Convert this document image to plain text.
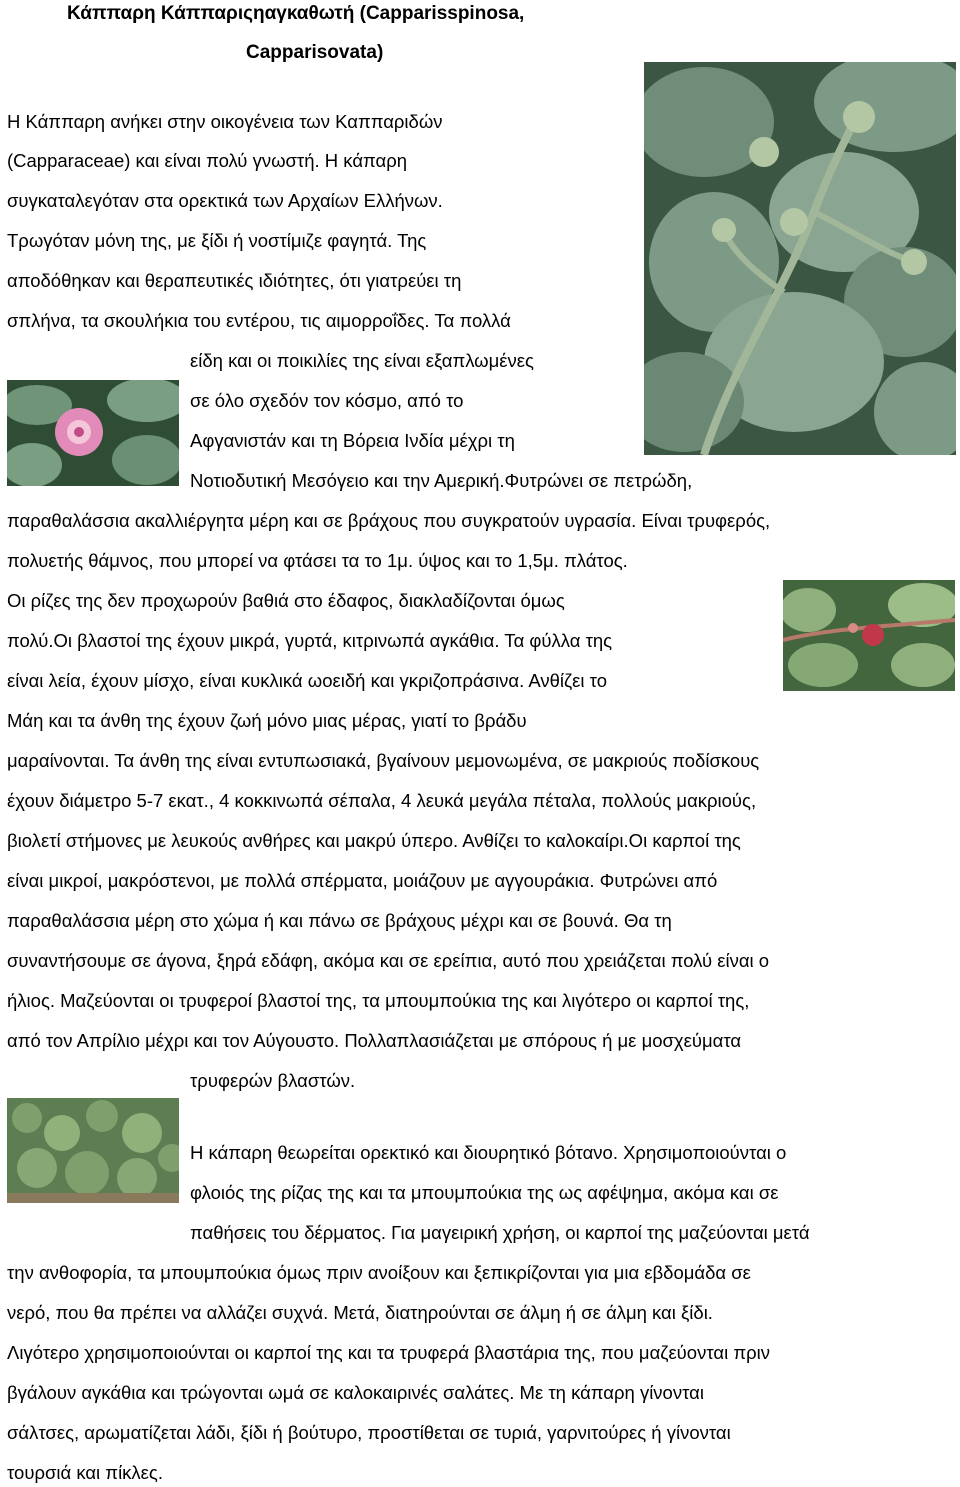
Κάππαρη Κάππαριςηαγκαθωτή (Capparisspinosa,
Capparisovata)
Η Κάππαρη ανήκει στην οικογένεια των Καππαριδών
(Capparaceae) και είναι πολύ γνωστή. Η κάπαρη
συγκαταλεγόταν στα ορεκτικά των Αρχαίων Ελλήνων.
Τρωγόταν μόνη της, με ξίδι ή νοστίμιζε φαγητά. Της
αποδόθηκαν και θεραπευτικές ιδιότητες, ότι γιατρεύει τη
σπλήνα, τα σκουλήκια του εντέρου, τις αιμορροΐδες. Τα πολλά
είδη και οι ποικιλίες της είναι εξαπλωμένες
σε όλο σχεδόν τον κόσμο, από το
Αφγανιστάν και τη Βόρεια Ινδία μέχρι τη
Νοτιοδυτική Μεσόγειο και την Αμερική.Φυτρώνει σε πετρώδη,
παραθαλάσσια ακαλλιέργητα μέρη και σε βράχους που συγκρατούν υγρασία. Είναι τρυφερός,
πολυετής θάμνος, που μπορεί να φτάσει τα το 1μ. ύψος και το 1,5μ. πλάτος.
Οι ρίζες της δεν προχωρούν βαθιά στο έδαφος, διακλαδίζονται όμως
πολύ.Οι βλαστοί της έχουν μικρά, γυρτά, κιτρινωπά αγκάθια. Τα φύλλα της
είναι λεία, έχουν μίσχο, είναι κυκλικά ωοειδή και γκριζοπράσινα. Ανθίζει το
Μάη και τα άνθη της έχουν ζωή μόνο μιας μέρας, γιατί το βράδυ
μαραίνονται. Τα άνθη της είναι εντυπωσιακά, βγαίνουν μεμονωμένα, σε μακριούς ποδίσκους
έχουν διάμετρο 5-7 εκατ., 4 κοκκινωπά σέπαλα, 4 λευκά μεγάλα πέταλα, πολλούς μακριούς,
βιολετί στήμονες με λευκούς ανθήρες και μακρύ ύπερο. Ανθίζει το καλοκαίρι.Οι καρποί της
είναι μικροί, μακρόστενοι, με πολλά σπέρματα, μοιάζουν με αγγουράκια. Φυτρώνει από
παραθαλάσσια μέρη στο χώμα ή και πάνω σε βράχους μέχρι και σε βουνά. Θα τη
συναντήσουμε σε άγονα, ξηρά εδάφη, ακόμα και σε ερείπια, αυτό που χρειάζεται πολύ είναι ο
ήλιος. Μαζεύονται οι τρυφεροί βλαστοί της, τα μπουμπούκια της και λιγότερο οι καρποί της,
από τον Απρίλιο μέχρι και τον Αύγουστο. Πολλαπλασιάζεται με σπόρους ή με μοσχεύματα
τρυφερών βλαστών.
Η κάπαρη θεωρείται ορεκτικό και διουρητικό βότανο. Χρησιμοποιούνται ο
φλοιός της ρίζας της και τα μπουμπούκια της ως αφέψημα, ακόμα και σε
παθήσεις του δέρματος. Για μαγειρική χρήση, οι καρποί της μαζεύονται μετά
την ανθοφορία, τα μπουμπούκια όμως πριν ανοίξουν και ξεπικρίζονται για μια εβδομάδα σε
νερό, που θα πρέπει να αλλάζει συχνά. Μετά, διατηρούνται σε άλμη ή σε άλμη και ξίδι.
Λιγότερο χρησιμοποιούνται οι καρποί της και τα τρυφερά βλαστάρια της, που μαζεύονται πριν
βγάλουν αγκάθια και τρώγονται ωμά σε καλοκαιρινές σαλάτες. Με τη κάπαρη γίνονται
σάλτσες, αρωματίζεται λάδι, ξίδι ή βούτυρο, προστίθεται σε τυριά, γαρνιτούρες ή γίνονται
τουρσιά και πίκλες.
